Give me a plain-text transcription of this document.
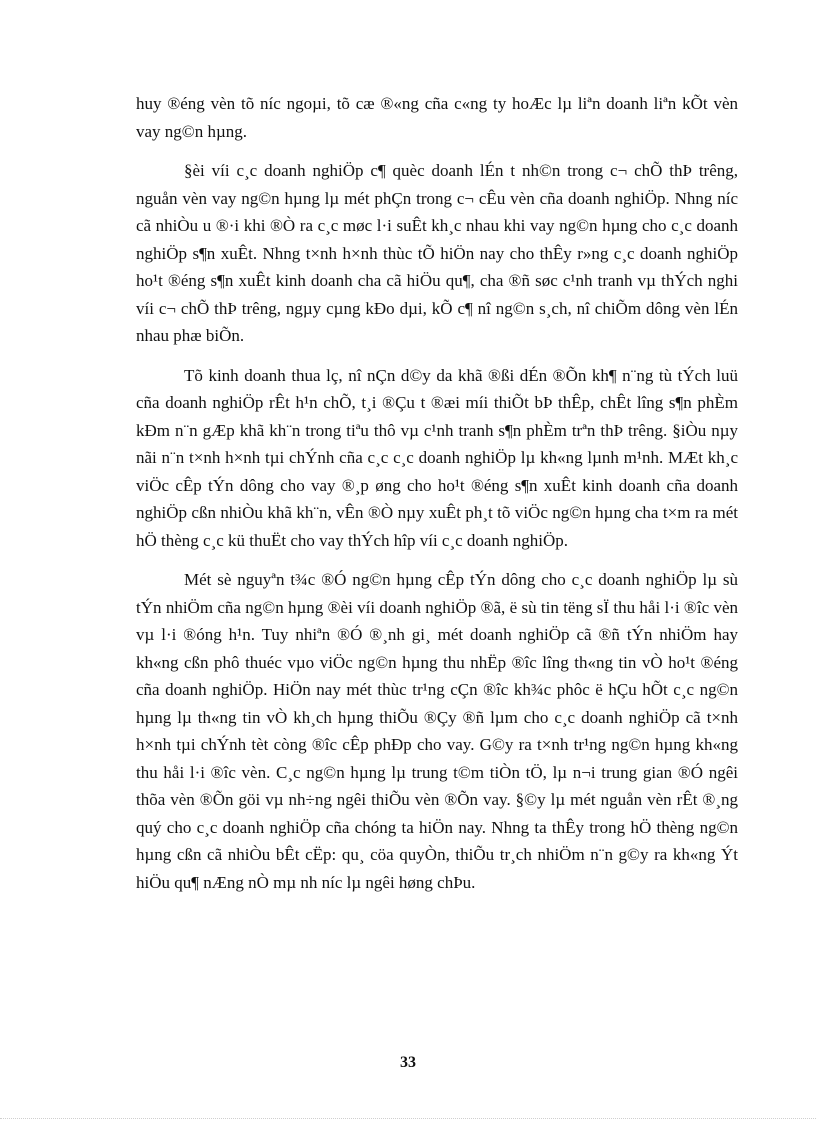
huy ®éng vèn tõ níc ngoµi, tõ cæ ®«ng cña c«ng ty hoÆc lµ liªn doanh liªn kÕt vèn vay ng©n hµng.

§èi víi c¸c doanh nghiÖp c¶ quèc doanh lÉn t nh©n trong c¬ chÕ thÞ trêng, nguån vèn vay ng©n hµng lµ mét phÇn trong c¬ cÊu vèn cña doanh nghiÖp. Nhng níc cã nhiÒu u ®·i khi ®Ò ra c¸c møc l·i suÊt kh¸c nhau khi vay ng©n hµng cho c¸c doanh nghiÖp s¶n xuÊt. Nhng t×nh h×nh thùc tÕ hiÖn nay cho thÊy r»ng c¸c doanh nghiÖp ho¹t ®éng s¶n xuÊt kinh doanh cha cã hiÖu qu¶, cha ®ñ søc c¹nh tranh vµ thÝch nghi víi c¬ chÕ thÞ trêng, ngµy cµng kÐo dµi, kÕ c¶ nî ng©n s¸ch, nî chiÕm dông vèn lÉn nhau phæ biÕn.

Tõ kinh doanh thua lç, nî nÇn d©y da khã ®ßi dÉn ®Õn kh¶ n¨ng tù tÝch luü cña doanh nghiÖp rÊt h¹n chÕ, t¸i ®Çu t ®æi míi thiÕt bÞ thÊp, chÊt lîng s¶n phÈm kÐm n¨n gÆp khã kh¨n trong tiªu thô vµ c¹nh tranh s¶n phÈm trªn thÞ trêng. §iÒu nµy nãi n¨n t×nh h×nh tµi chÝnh cña c¸c c¸c doanh nghiÖp lµ kh«ng lµnh m¹nh. MÆt kh¸c viÖc cÊp tÝn dông cho vay ®¸p øng cho ho¹t ®éng s¶n xuÊt kinh doanh cña doanh nghiÖp cßn nhiÒu khã kh¨n, vÊn ®Ò nµy xuÊt ph¸t tõ viÖc ng©n hµng cha t×m ra mét hÖ thèng c¸c kü thuËt cho vay thÝch hîp víi c¸c doanh nghiÖp.

Mét sè nguyªn t¾c ®Ó ng©n hµng cÊp tÝn dông cho c¸c doanh nghiÖp lµ sù tÝn nhiÖm cña ng©n hµng ®èi víi doanh nghiÖp ®ã, ë sù tin tëng sÏ thu håi l·i ®îc vèn vµ l·i ®óng h¹n. Tuy nhiªn ®Ó ®¸nh gi¸ mét doanh nghiÖp cã ®ñ tÝn nhiÖm hay kh«ng cßn phô thuéc vµo viÖc ng©n hµng thu nhËp ®îc lîng th«ng tin vÒ ho¹t ®éng cña doanh nghiÖp. HiÖn nay mét thùc tr¹ng cÇn ®îc kh¾c phôc ë hÇu hÕt c¸c ng©n hµng lµ th«ng tin vÒ kh¸ch hµng thiÕu ®Çy ®ñ lµm cho c¸c doanh nghiÖp cã t×nh h×nh tµi chÝnh tèt còng ®îc cÊp phÐp cho vay. G©y ra t×nh tr¹ng ng©n hµng kh«ng thu håi l·i ®îc vèn. C¸c ng©n hµng lµ trung t©m tiÒn tÖ, lµ n¬i trung gian ®Ó ngêi thõa vèn ®Õn göi vµ nh÷ng ngêi thiÕu vèn ®Õn vay. §©y lµ mét nguån vèn rÊt ®¸ng quý cho c¸c doanh nghiÖp cña chóng ta hiÖn nay. Nhng ta thÊy trong hÖ thèng ng©n hµng cßn cã nhiÒu bÊt cËp: qu¸ cöa quyÒn, thiÕu tr¸ch nhiÖm n¨n g©y ra kh«ng Ýt hiÖu qu¶ nÆng nÒ mµ nh níc lµ ngêi høng chÞu.

33
